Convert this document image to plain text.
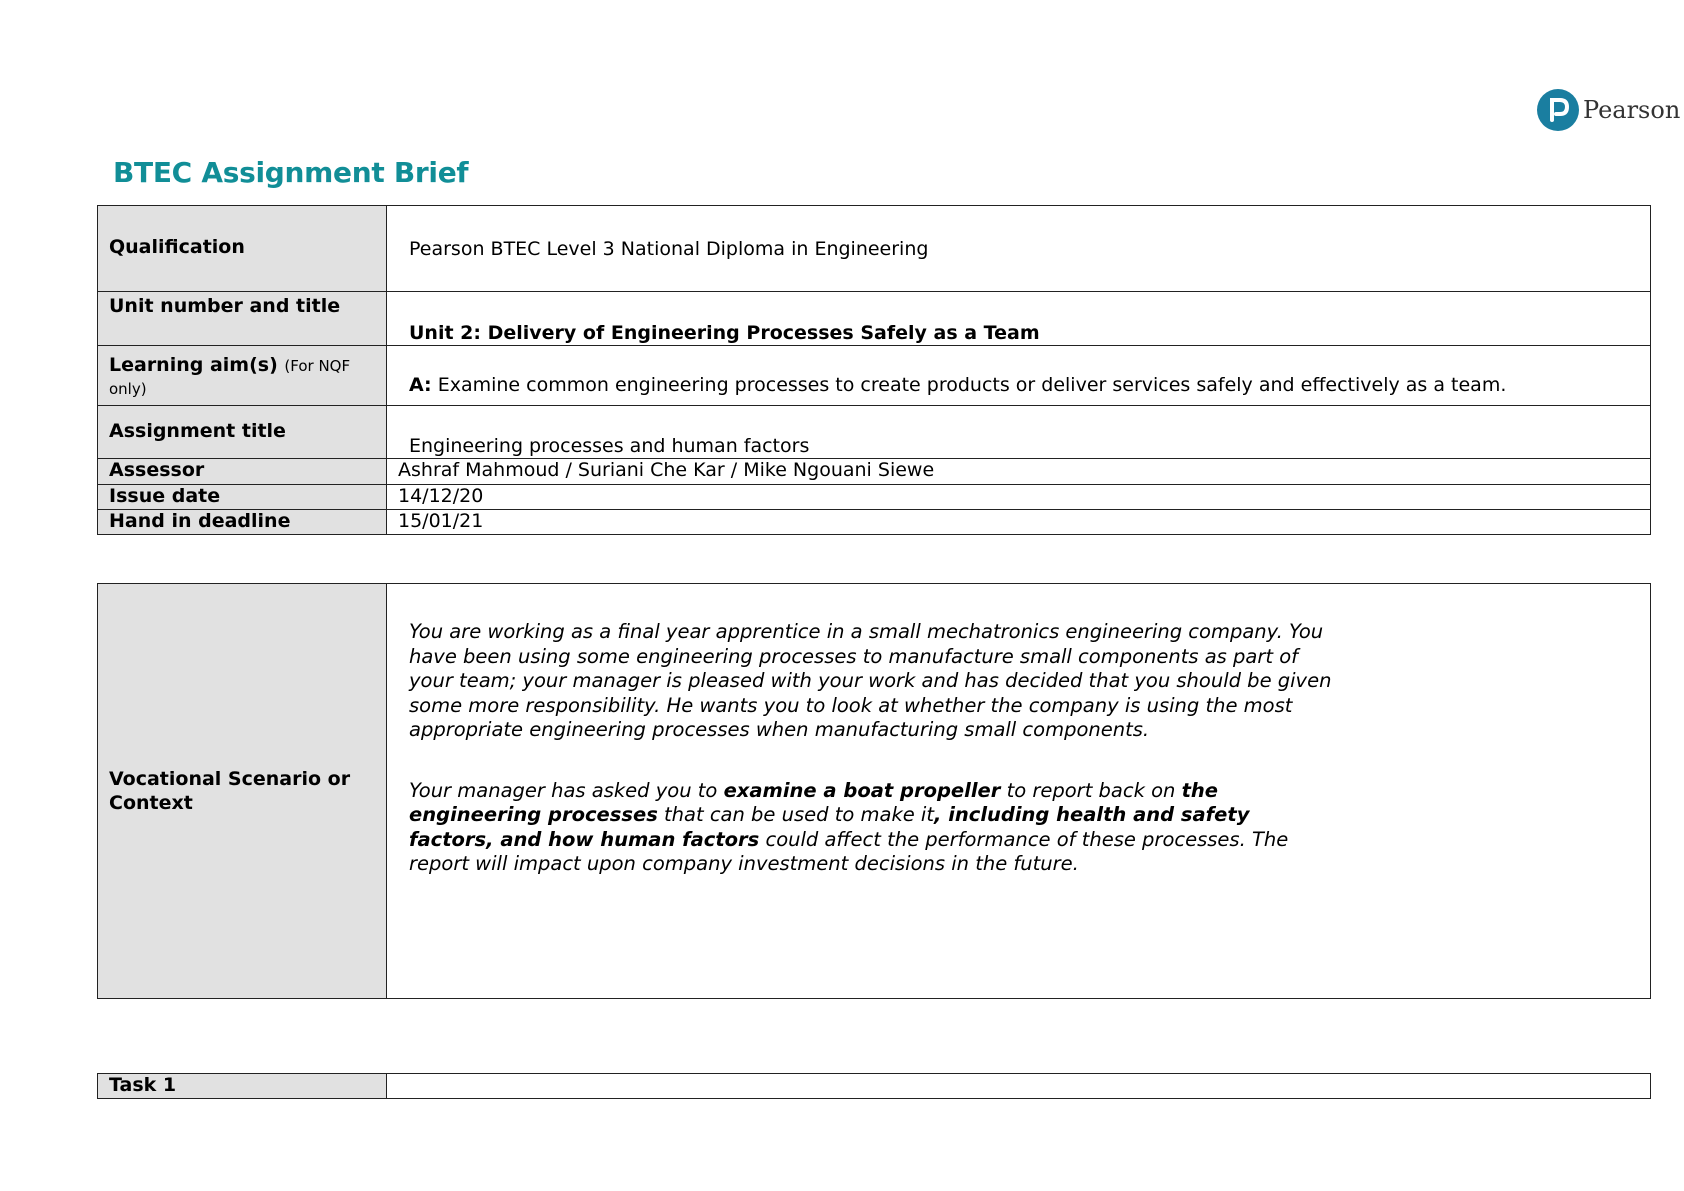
Pearson
BTEC Assignment Brief
Qualification	Pearson BTEC Level 3 National Diploma in Engineering
Unit number and title	Unit 2: Delivery of Engineering Processes Safely as a Team
Learning aim(s) (For NQF only)	A: Examine common engineering processes to create products or deliver services safely and effectively as a team.
Assignment title	Engineering processes and human factors
Assessor	Ashraf Mahmoud / Suriani Che Kar / Mike Ngouani Siewe
Issue date	14/12/20
Hand in deadline	15/01/21
Vocational Scenario or Context	

You are working as a final year apprentice in a small mechatronics engineering company. You have been using some engineering processes to manufacture small components as part of your team; your manager is pleased with your work and has decided that you should be given some more responsibility. He wants you to look at whether the company is using the most appropriate engineering processes when manufacturing small components.

Your manager has asked you to examine a boat propeller to report back on the engineering processes that can be used to make it, including health and safety factors, and how human factors could affect the performance of these processes. The report will impact upon company investment decisions in the future.

Task 1	
